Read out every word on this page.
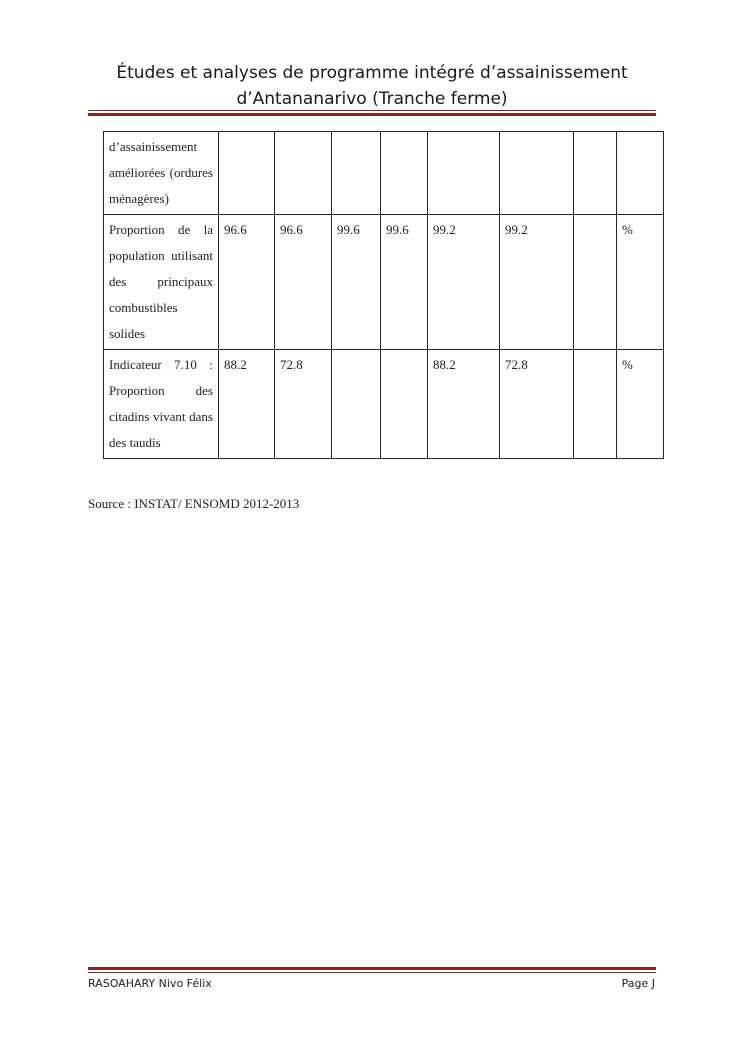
Études et analyses de programme intégré d’assainissement
d’Antananarivo (Tranche ferme)
d’assainissement améliorées (ordures ménagères)								
Proportion de la population utilisant des principaux combustibles solides	96.6	96.6	99.6	99.6	99.2	99.2		%
Indicateur 7.10 : Proportion des citadins vivant dans des taudis	88.2	72.8			88.2	72.8		%
Source : INSTAT/ ENSOMD 2012-2013
RASOAHARY Nivo Félix	Page J
